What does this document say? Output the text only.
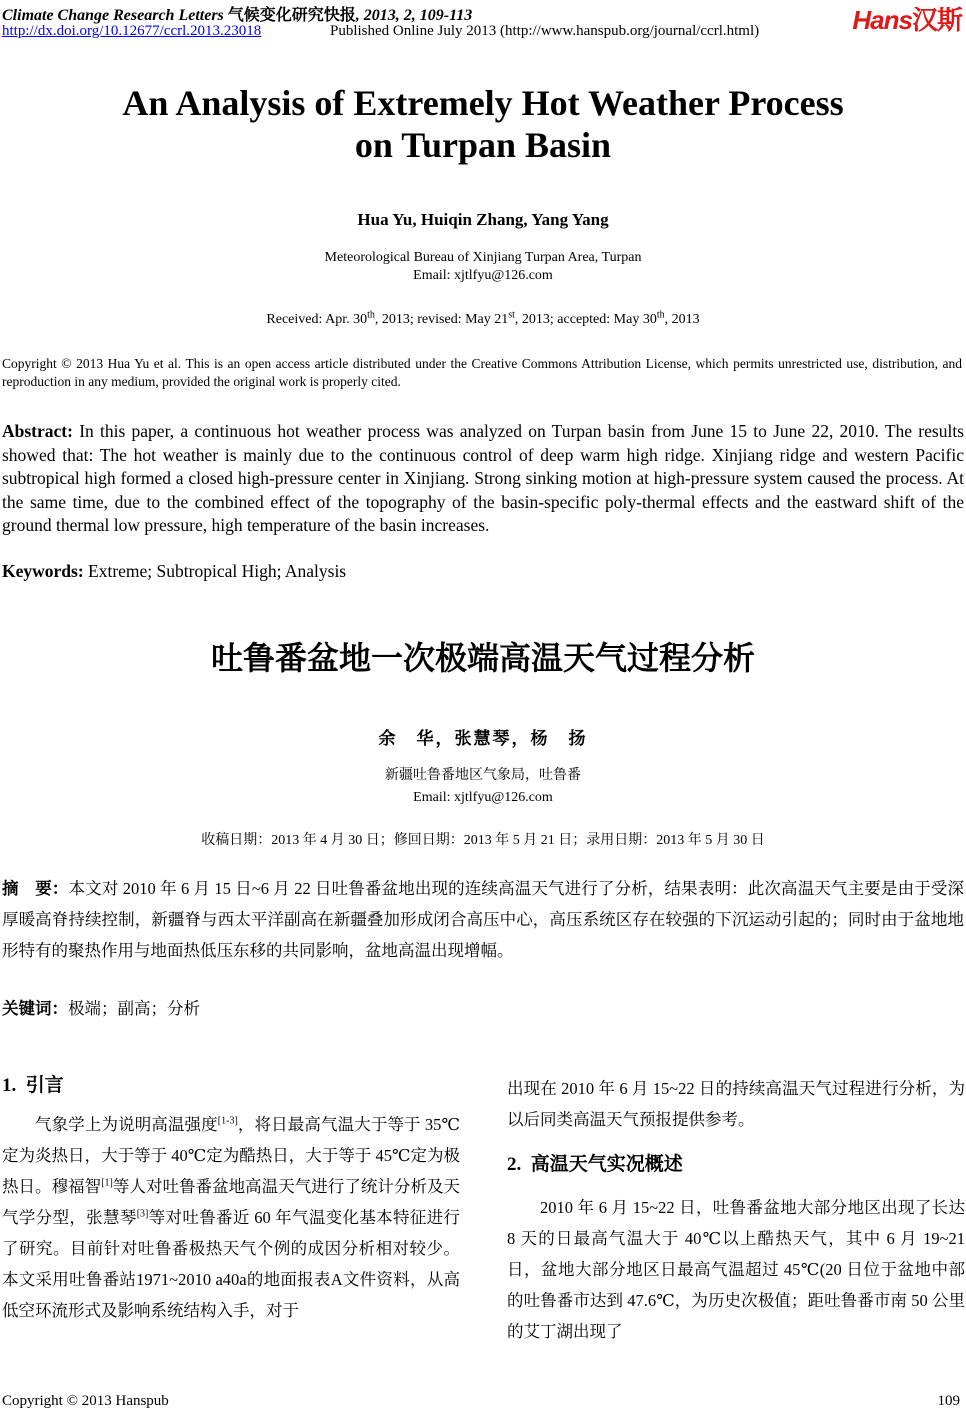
Climate Change Research Letters 气候变化研究快报, 2013, 2, 109-113
http://dx.doi.org/10.12677/ccrl.2013.23018	Published Online July 2013 (http://www.hanspub.org/journal/ccrl.html)	Hans汉斯
An Analysis of Extremely Hot Weather Process
on Turpan Basin
Hua Yu, Huiqin Zhang, Yang Yang
Meteorological Bureau of Xinjiang Turpan Area, Turpan
Email: xjtlfyu@126.com
Received: Apr. 30th, 2013; revised: May 21st, 2013; accepted: May 30th, 2013
Copyright © 2013 Hua Yu et al. This is an open access article distributed under the Creative Commons Attribution License, which permits unrestricted use, distribution, and reproduction in any medium, provided the original work is properly cited.
Abstract: In this paper, a continuous hot weather process was analyzed on Turpan basin from June 15 to June 22, 2010. The results showed that: The hot weather is mainly due to the continuous control of deep warm high ridge. Xinjiang ridge and western Pacific subtropical high formed a closed high-pressure center in Xinjiang. Strong sinking motion at high-pressure system caused the process. At the same time, due to the combined effect of the topography of the basin-specific poly-thermal effects and the eastward shift of the ground thermal low pressure, high temperature of the basin increases.
Keywords: Extreme; Subtropical High; Analysis
吐鲁番盆地一次极端高温天气过程分析
余　华，张慧琴，杨　扬
新疆吐鲁番地区气象局，吐鲁番
Email: xjtlfyu@126.com
收稿日期：2013 年 4 月 30 日；修回日期：2013 年 5 月 21 日；录用日期：2013 年 5 月 30 日
摘　要：本文对 2010 年 6 月 15 日~6 月 22 日吐鲁番盆地出现的连续高温天气进行了分析，结果表明：此次高温天气主要是由于受深厚暖高脊持续控制，新疆脊与西太平洋副高在新疆叠加形成闭合高压中心，高压系统区存在较强的下沉运动引起的；同时由于盆地地形特有的聚热作用与地面热低压东移的共同影响，盆地高温出现增幅。
关键词：极端；副高；分析

1. 引言

气象学上为说明高温强度[1-3]，将日最高气温大于等于 35℃定为炎热日，大于等于 40℃定为酷热日，大于等于 45℃定为极热日。穆福智[1]等人对吐鲁番盆地高温天气进行了统计分析及天气学分型，张慧琴[3]等对吐鲁番近 60 年气温变化基本特征进行了研究。目前针对吐鲁番极热天气个例的成因分析相对较少。本文采用吐鲁番站1971~2010 a40a的地面报表A文件资料，从高低空环流形式及影响系统结构入手，对于

出现在 2010 年 6 月 15~22 日的持续高温天气过程进行分析，为以后同类高温天气预报提供参考。

2. 高温天气实况概述

2010 年 6 月 15~22 日，吐鲁番盆地大部分地区出现了长达 8 天的日最高气温大于 40℃以上酷热天气，其中 6 月 19~21 日，盆地大部分地区日最高气温超过 45℃(20 日位于盆地中部的吐鲁番市达到 47.6℃，为历史次极值；距吐鲁番市南 50 公里的艾丁湖出现了

Copyright © 2013 Hanspub	109
